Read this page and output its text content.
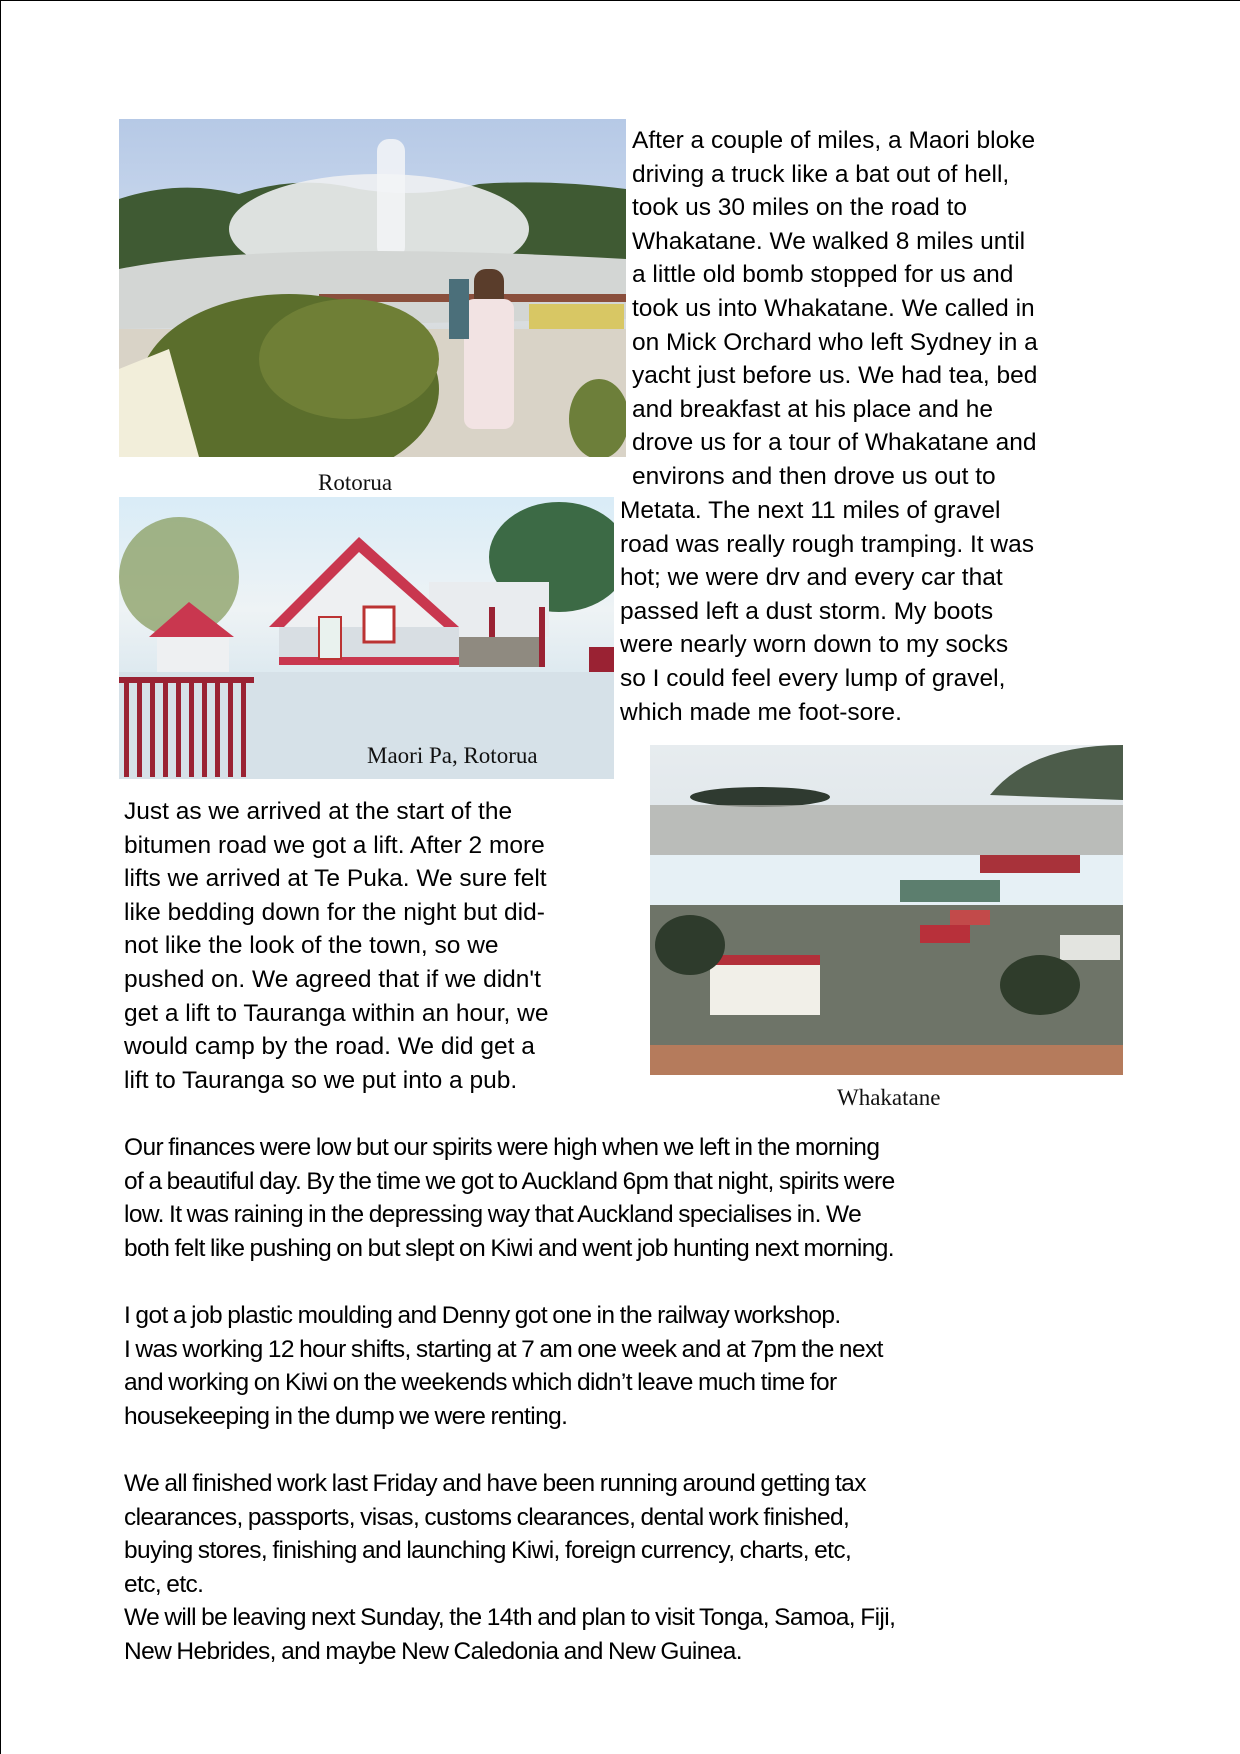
Rotorua
Maori Pa, Rotorua
After a couple of miles, a Maori bloke
driving a truck like a bat out of hell,
took us 30 miles on the road to
Whakatane. We walked 8 miles until
a little old bomb stopped for us and
took us into Whakatane. We called in
on Mick Orchard who left Sydney in a
yacht just before us. We had tea, bed
and breakfast at his place and he
drove us for a tour of Whakatane and
environs and then drove us out to
Metata. The next 11 miles of gravel
road was really rough tramping. It was
hot; we were drv and every car that
passed left a dust storm. My boots
were nearly worn down to my socks
so I could feel every lump of gravel,
which made me foot-sore.
Whakatane
Just as we arrived at the start of the
bitumen road we got a lift. After 2 more
lifts we arrived at Te Puka. We sure felt
like bedding down for the night but did-
not like the look of the town, so we
pushed on. We agreed that if we didn't
get a lift to Tauranga within an hour, we
would camp by the road. We did get a
lift to Tauranga so we put into a pub.
Our finances were low but our spirits were high when we left in the morning
of a beautiful day. By the time we got to Auckland 6pm that night, spirits were
low. It was raining in the depressing way that Auckland specialises in. We
both felt like pushing on but slept on Kiwi and went job hunting next morning.
I got a job plastic moulding and Denny got one in the railway workshop.
I was working 12 hour shifts, starting at 7 am one week and at 7pm the next
and working on Kiwi on the weekends which didn’t leave much time for
housekeeping in the dump we were renting.
We all finished work last Friday and have been running around getting tax
clearances, passports, visas, customs clearances, dental work finished,
buying stores, finishing and launching Kiwi, foreign currency, charts, etc,
etc, etc.
We will be leaving next Sunday, the 14th and plan to visit Tonga, Samoa, Fiji,
New Hebrides, and maybe New Caledonia and New Guinea.
